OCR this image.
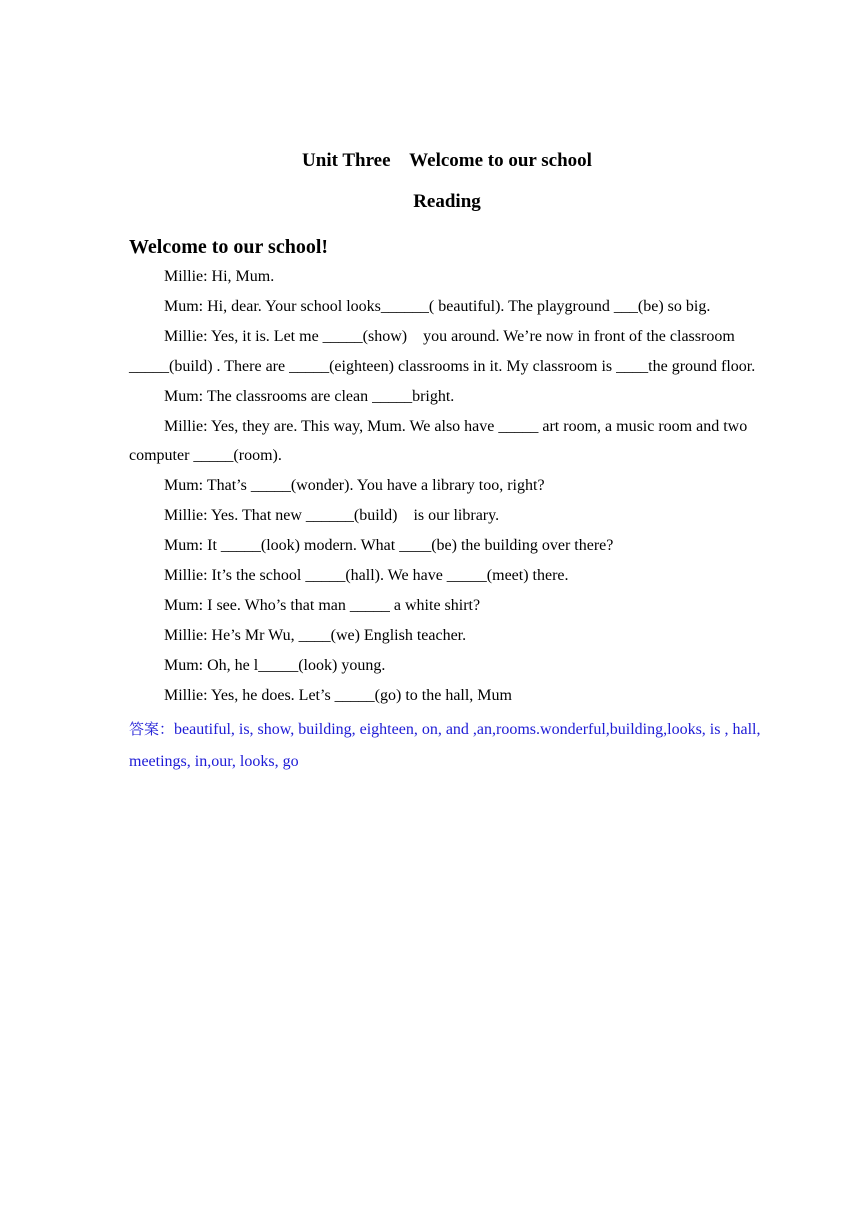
Unit Three    Welcome to our school
Reading
Welcome to our school!

Millie: Hi, Mum.

Mum: Hi, dear. Your school looks______( beautiful). The playground ___(be) so big.

Millie: Yes, it is. Let me _____(show)    you around. We’re now in front of the classroom _____(build) . There are _____(eighteen) classrooms in it. My classroom is ____the ground floor.

Mum: The classrooms are clean _____bright.

Millie: Yes, they are. This way, Mum. We also have _____ art room, a music room and two computer _____(room).

Mum: That’s _____(wonder). You have a library too, right?

Millie: Yes. That new ______(build)    is our library.

Mum: It _____(look) modern. What ____(be) the building over there?

Millie: It’s the school _____(hall). We have _____(meet) there.

Mum: I see. Who’s that man _____ a white shirt?

Millie: He’s Mr Wu, ____(we) English teacher.

Mum: Oh, he l_____(look) young.

Millie: Yes, he does. Let’s _____(go) to the hall, Mum

答案：beautiful, is, show, building, eighteen, on, and ,an,rooms.wonderful,building,looks, is , hall, meetings, in,our, looks, go
